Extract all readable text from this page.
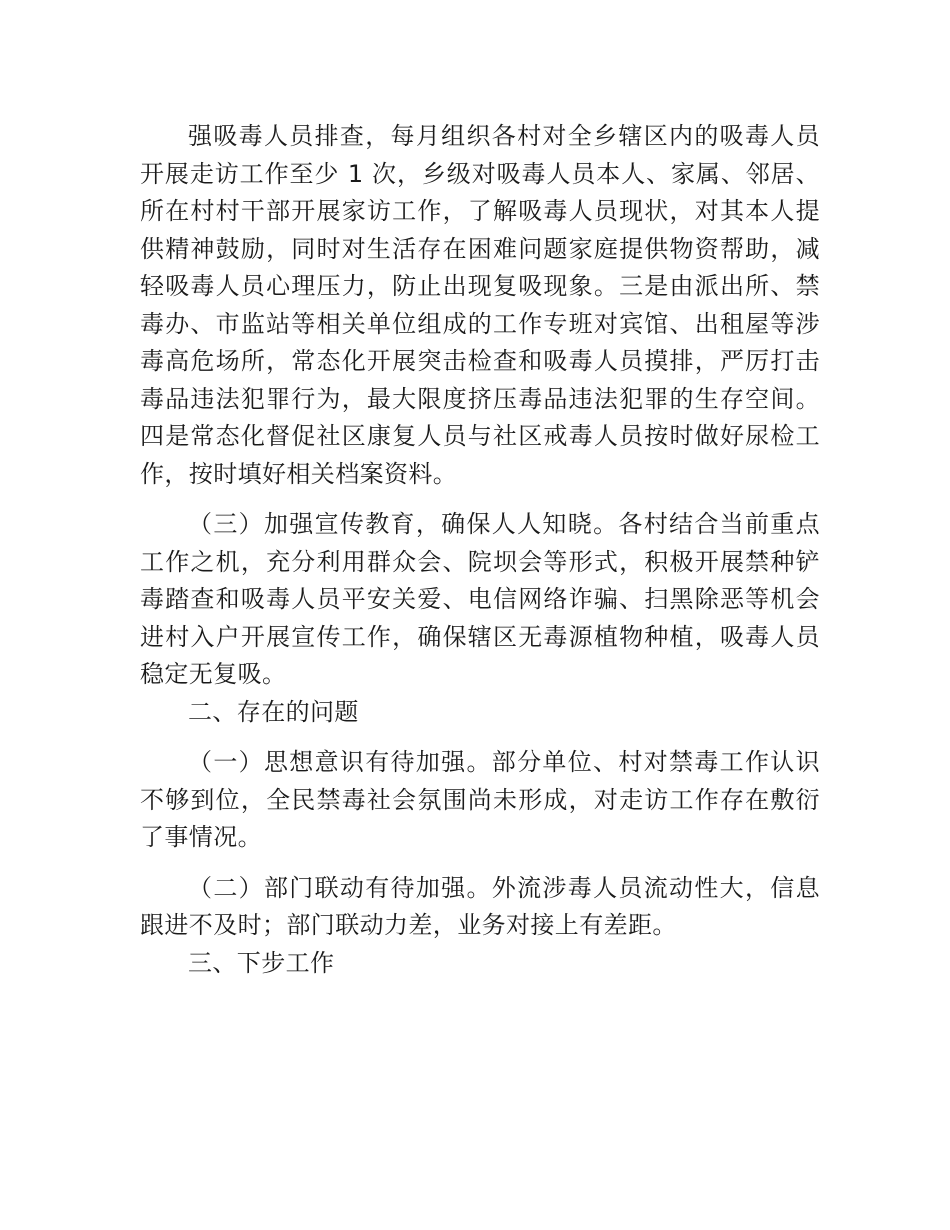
强吸毒人员排查，每月组织各村对全乡辖区内的吸毒人员开展走访工作至少 1 次，乡级对吸毒人员本人、家属、邻居、所在村村干部开展家访工作，了解吸毒人员现状，对其本人提供精神鼓励，同时对生活存在困难问题家庭提供物资帮助，减轻吸毒人员心理压力，防止出现复吸现象。三是由派出所、禁毒办、市监站等相关单位组成的工作专班对宾馆、出租屋等涉毒高危场所，常态化开展突击检查和吸毒人员摸排，严厉打击毒品违法犯罪行为，最大限度挤压毒品违法犯罪的生存空间。四是常态化督促社区康复人员与社区戒毒人员按时做好尿检工作，按时填好相关档案资料。

（三）加强宣传教育，确保人人知晓。各村结合当前重点工作之机，充分利用群众会、院坝会等形式，积极开展禁种铲毒踏查和吸毒人员平安关爱、电信网络诈骗、扫黑除恶等机会进村入户开展宣传工作，确保辖区无毒源植物种植，吸毒人员稳定无复吸。

二、存在的问题

（一）思想意识有待加强。部分单位、村对禁毒工作认识不够到位，全民禁毒社会氛围尚未形成，对走访工作存在敷衍了事情况。

（二）部门联动有待加强。外流涉毒人员流动性大，信息跟进不及时；部门联动力差，业务对接上有差距。

三、下步工作
